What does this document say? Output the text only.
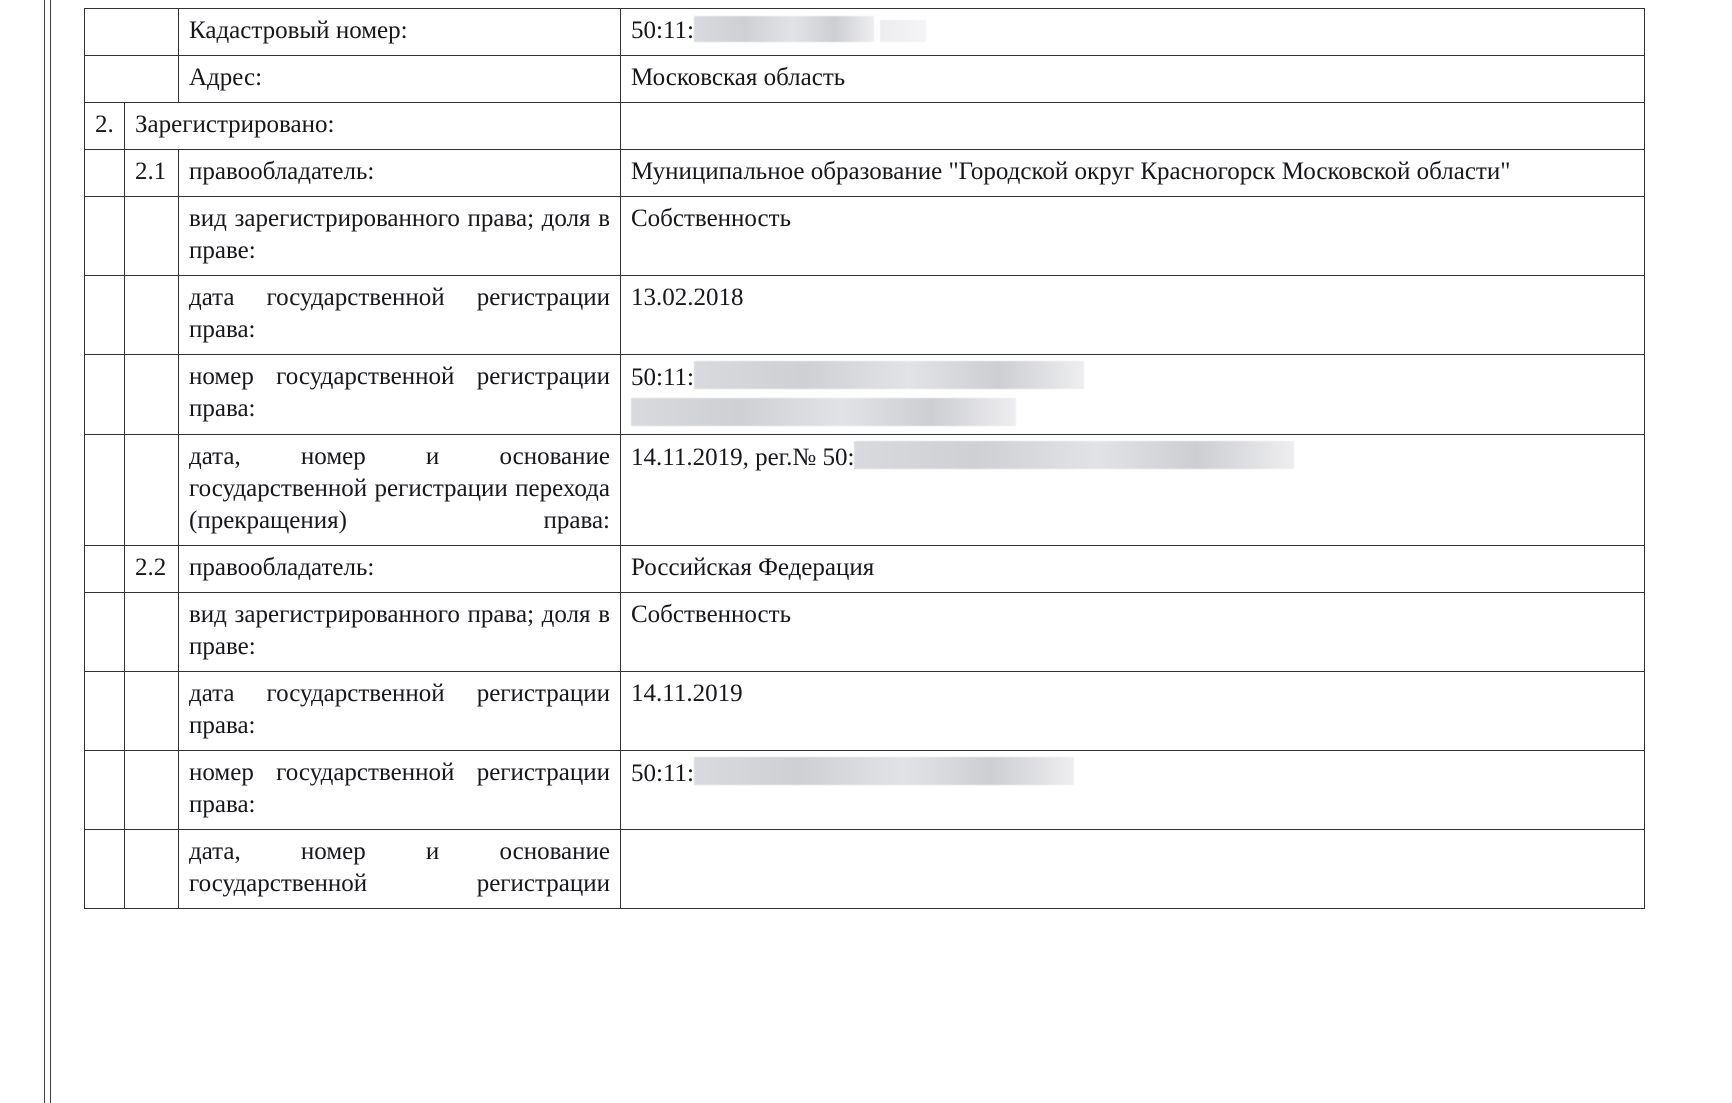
		Кадастровый номер:	50:11:
		Адрес:	Московская область
2.	Зарегистрировано:		
	2.1	правообладатель:	Муниципальное образование "Городской округ Красногорск Московской области"
		вид зарегистрированного права; доля в праве:	Собственность
		дата государственной регистрации права:	13.02.2018
		номер государственной регистрации права:	50:11:

		дата, номер и основание государственной регистрации перехода (прекращения) права:	14.11.2019, рег.№ 50:
	2.2	правообладатель:	Российская Федерация
		вид зарегистрированного права; доля в праве:	Собственность
		дата государственной регистрации права:	14.11.2019
		номер государственной регистрации права:	50:11:
		дата, номер и основание государственной регистрации	
